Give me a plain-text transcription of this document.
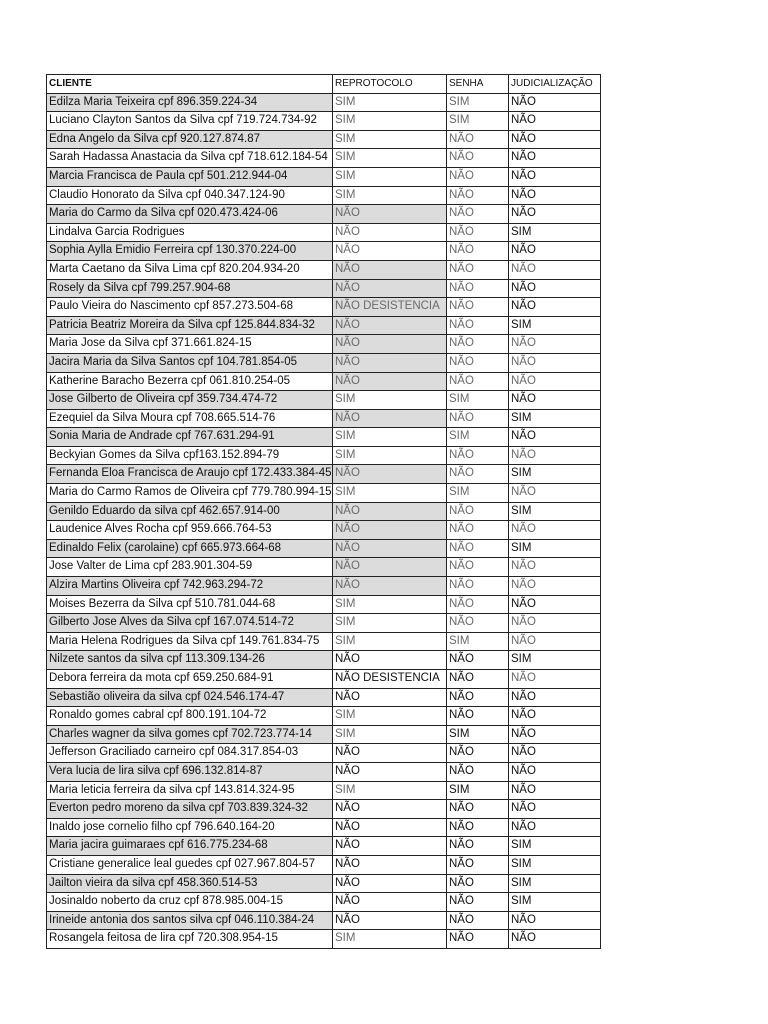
CLIENTE	REPROTOCOLO	SENHA	JUDICIALIZAÇÃO
Edilza Maria Teixeira cpf 896.359.224-34	SIM	SIM	NÃO
Luciano Clayton Santos da Silva cpf 719.724.734-92	SIM	SIM	NÃO
Edna Angelo da Silva cpf 920.127.874.87	SIM	NÃO	NÃO
Sarah Hadassa Anastacia da Silva cpf 718.612.184-54	SIM	NÃO	NÃO
Marcia Francisca de Paula cpf 501.212.944-04	SIM	NÃO	NÃO
Claudio Honorato da Silva cpf 040.347.124-90	SIM	NÃO	NÃO
Maria do Carmo da Silva cpf 020.473.424-06	NÃO	NÃO	NÃO
Lindalva Garcia Rodrigues	NÃO	NÃO	SIM
Sophia Aylla Emidio Ferreira cpf 130.370.224-00	NÃO	NÃO	NÃO
Marta Caetano da Silva Lima cpf 820.204.934-20	NÃO	NÃO	NÃO
Rosely da Silva cpf 799.257.904-68	NÃO	NÃO	NÃO
Paulo Vieira do Nascimento cpf 857.273.504-68	NÃO DESISTENCIA	NÃO	NÃO
Patricia Beatriz Moreira da Silva cpf 125.844.834-32	NÃO	NÃO	SIM
Maria Jose da Silva cpf 371.661.824-15	NÃO	NÃO	NÃO
Jacira Maria da Silva Santos cpf 104.781.854-05	NÃO	NÃO	NÃO
Katherine Baracho Bezerra cpf 061.810.254-05	NÃO	NÃO	NÃO
Jose Gilberto de Oliveira cpf 359.734.474-72	SIM	SIM	NÃO
Ezequiel da Silva Moura cpf 708.665.514-76	NÃO	NÃO	SIM
Sonia Maria de Andrade cpf 767.631.294-91	SIM	SIM	NÃO
Beckyian Gomes da Silva cpf163.152.894-79	SIM	NÃO	NÃO
Fernanda Eloa Francisca de Araujo cpf 172.433.384-45	NÃO	NÃO	SIM
Maria do Carmo Ramos de Oliveira cpf 779.780.994-15	SIM	SIM	NÃO
Genildo Eduardo da silva cpf 462.657.914-00	NÃO	NÃO	SIM
Laudenice Alves Rocha cpf 959.666.764-53	NÃO	NÃO	NÃO
Edinaldo Felix (carolaine) cpf 665.973.664-68	NÃO	NÃO	SIM
Jose Valter de Lima cpf 283.901.304-59	NÃO	NÃO	NÃO
Alzira Martins Oliveira cpf 742.963.294-72	NÃO	NÃO	NÃO
Moises Bezerra da Silva cpf 510.781.044-68	SIM	NÃO	NÃO
Gilberto Jose Alves da Silva cpf 167.074.514-72	SIM	NÃO	NÃO
Maria Helena Rodrigues da Silva cpf 149.761.834-75	SIM	SIM	NÃO
Nilzete santos da silva cpf 113.309.134-26	NÃO	NÃO	SIM
Debora ferreira da mota cpf 659.250.684-91	NÃO DESISTENCIA	NÃO	NÃO
Sebastião oliveira da silva cpf 024.546.174-47	NÃO	NÃO	NÃO
Ronaldo gomes cabral cpf 800.191.104-72	SIM	NÃO	NÃO
Charles wagner da silva gomes cpf 702.723.774-14	SIM	SIM	NÃO
Jefferson Graciliado carneiro cpf 084.317.854-03	NÃO	NÃO	NÃO
Vera lucia de lira silva cpf 696.132.814-87	NÃO	NÃO	NÃO
Maria leticia ferreira da silva cpf 143.814.324-95	SIM	SIM	NÃO
Everton pedro moreno da silva cpf 703.839.324-32	NÃO	NÃO	NÃO
Inaldo jose cornelio filho cpf 796.640.164-20	NÃO	NÃO	NÃO
Maria jacira guimaraes cpf 616.775.234-68	NÃO	NÃO	SIM
Cristiane generalice leal guedes cpf 027.967.804-57	NÃO	NÃO	SIM
Jailton vieira da silva cpf 458.360.514-53	NÃO	NÃO	SIM
Josinaldo noberto da cruz cpf 878.985.004-15	NÃO	NÃO	SIM
Irineide antonia dos santos silva cpf 046.110.384-24	NÃO	NÃO	NÃO
Rosangela feitosa de lira cpf 720.308.954-15	SIM	NÃO	NÃO
